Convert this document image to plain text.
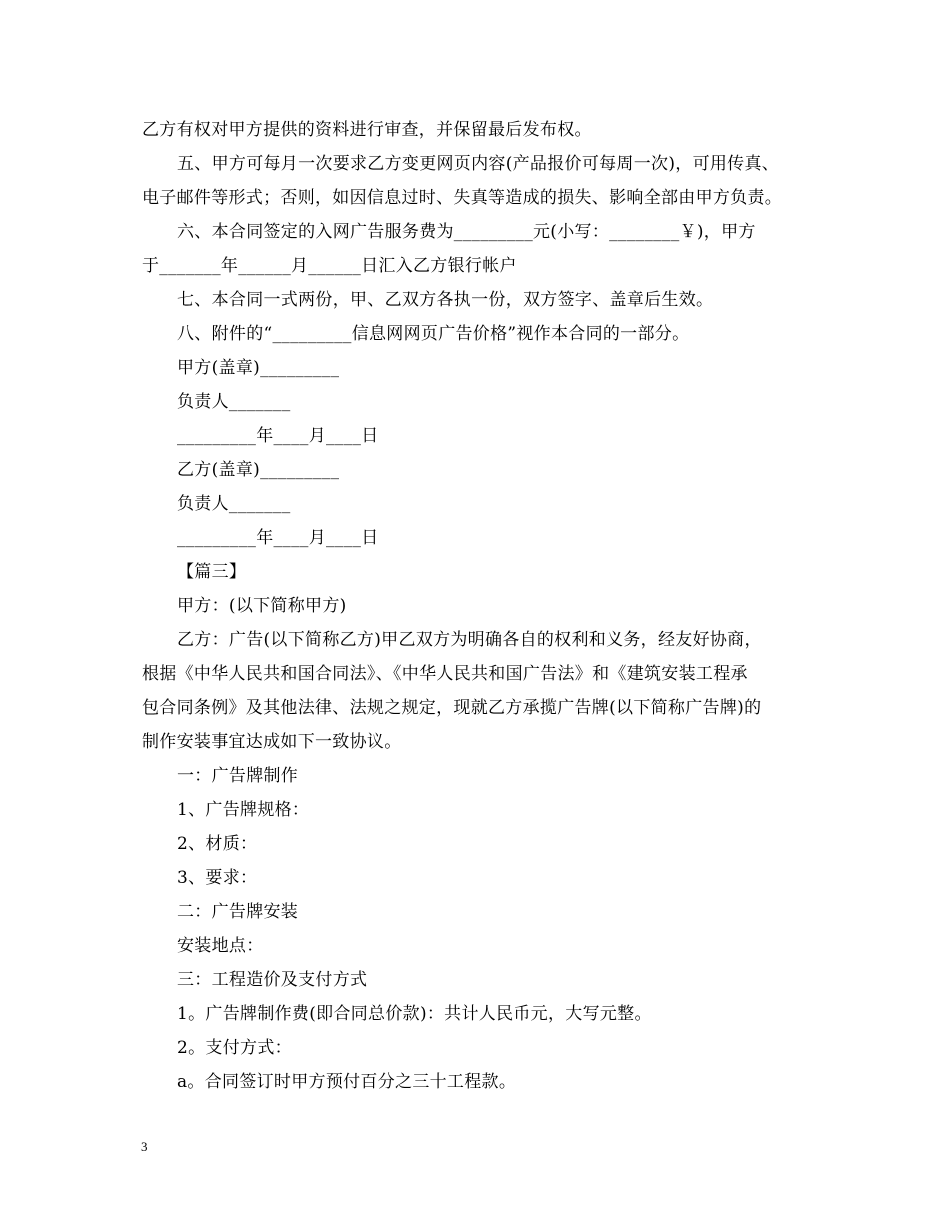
乙方有权对甲方提供的资料进行审查，并保留最后发布权。
五、甲方可每月一次要求乙方变更网页内容(产品报价可每周一次)，可用传真、
电子邮件等形式；否则，如因信息过时、失真等造成的损失、影响全部由甲方负责。
六、本合同签定的入网广告服务费为_________元(小写：________￥)，甲方
于_______年______月______日汇入乙方银行帐户
七、本合同一式两份，甲、乙双方各执一份，双方签字、盖章后生效。
八、附件的“_________信息网网页广告价格”视作本合同的一部分。
甲方(盖章)_________
负责人_______
_________年____月____日
乙方(盖章)_________
负责人_______
_________年____月____日
【篇三】
甲方：(以下简称甲方)
乙方：广告(以下简称乙方)甲乙双方为明确各自的权利和义务，经友好协商，
根据《中华人民共和国合同法》、《中华人民共和国广告法》和《建筑安装工程承
包合同条例》及其他法律、法规之规定，现就乙方承揽广告牌(以下简称广告牌)的
制作安装事宜达成如下一致协议。
一：广告牌制作
1、广告牌规格：
2、材质：
3、要求：
二：广告牌安装
安装地点：
三：工程造价及支付方式
1。广告牌制作费(即合同总价款)：共计人民币元，大写元整。
2。支付方式：
a。合同签订时甲方预付百分之三十工程款。
3
